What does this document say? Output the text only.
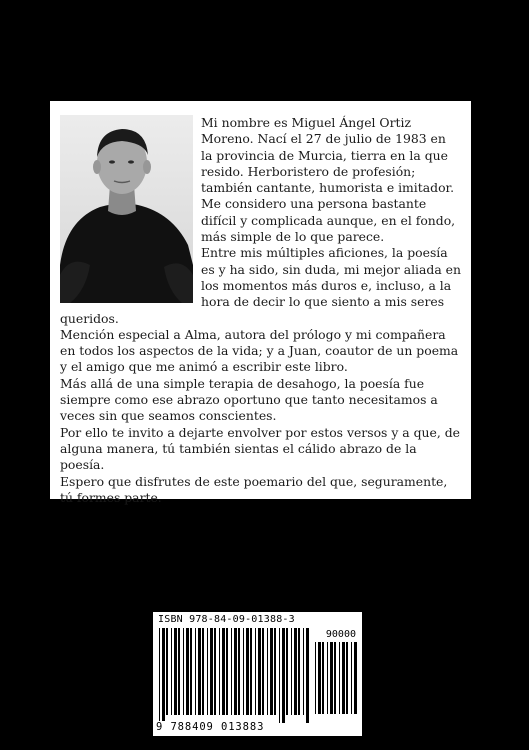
Mi nombre es Miguel Ángel Ortiz Moreno. Nací el 27 de julio de 1983 en la provincia de Murcia, tierra en la que resido. Herboristero de profesión; también cantante, humorista e imitador.

Me considero una persona bastante difícil y complicada aunque, en el fondo, más simple de lo que parece.

Entre mis múltiples aficiones, la poesía es y ha sido, sin duda, mi mejor aliada en los momentos más duros e, incluso, a la hora de decir lo que siento a mis seres queridos.

Mención especial a Alma, autora del prólogo y mi compañera en todos los aspectos de la vida; y a Juan, coautor de un poema y el amigo que me animó a escribir este libro.

Más allá de una simple terapia de desahogo, la poesía fue siempre como ese abrazo oportuno que tanto necesitamos a veces sin que seamos conscientes.

Por ello te invito a dejarte envolver por estos versos y a que, de alguna manera, tú también sientas el cálido abrazo de la poesía.

Espero que disfrutes de este poemario del que, seguramente, tú formes parte.

ISBN 978-84-09-01388-3
90000
9 788409 013883
